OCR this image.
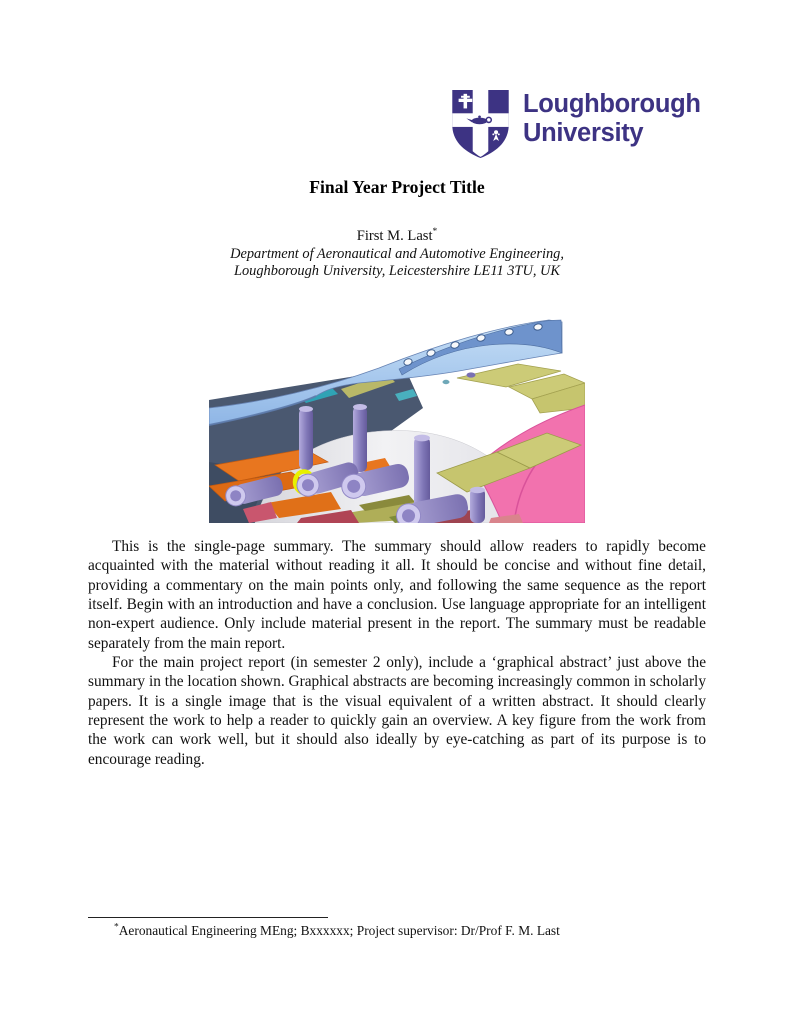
Loughborough
University
Final Year Project Title
First M. Last*
Department of Aeronautical and Automotive Engineering,
Loughborough University, Leicestershire LE11 3TU, UK

This is the single-page summary. The summary should allow readers to rapidly become acquainted with the material without reading it all. It should be concise and without fine detail, providing a commentary on the main points only, and following the same sequence as the report itself. Begin with an introduction and have a conclusion. Use language appropriate for an intelligent non-expert audience. Only include material present in the report. The summary must be readable separately from the main report.

For the main project report (in semester 2 only), include a ‘graphical abstract’ just above the summary in the location shown. Graphical abstracts are becoming increasingly common in scholarly papers. It is a single image that is the visual equivalent of a written abstract. It should clearly represent the work to help a reader to quickly gain an overview. A key figure from the work from the work can work well, but it should also ideally by eye-catching as part of its purpose is to encourage reading.

*Aeronautical Engineering MEng; Bxxxxxx; Project supervisor: Dr/Prof F. M. Last
